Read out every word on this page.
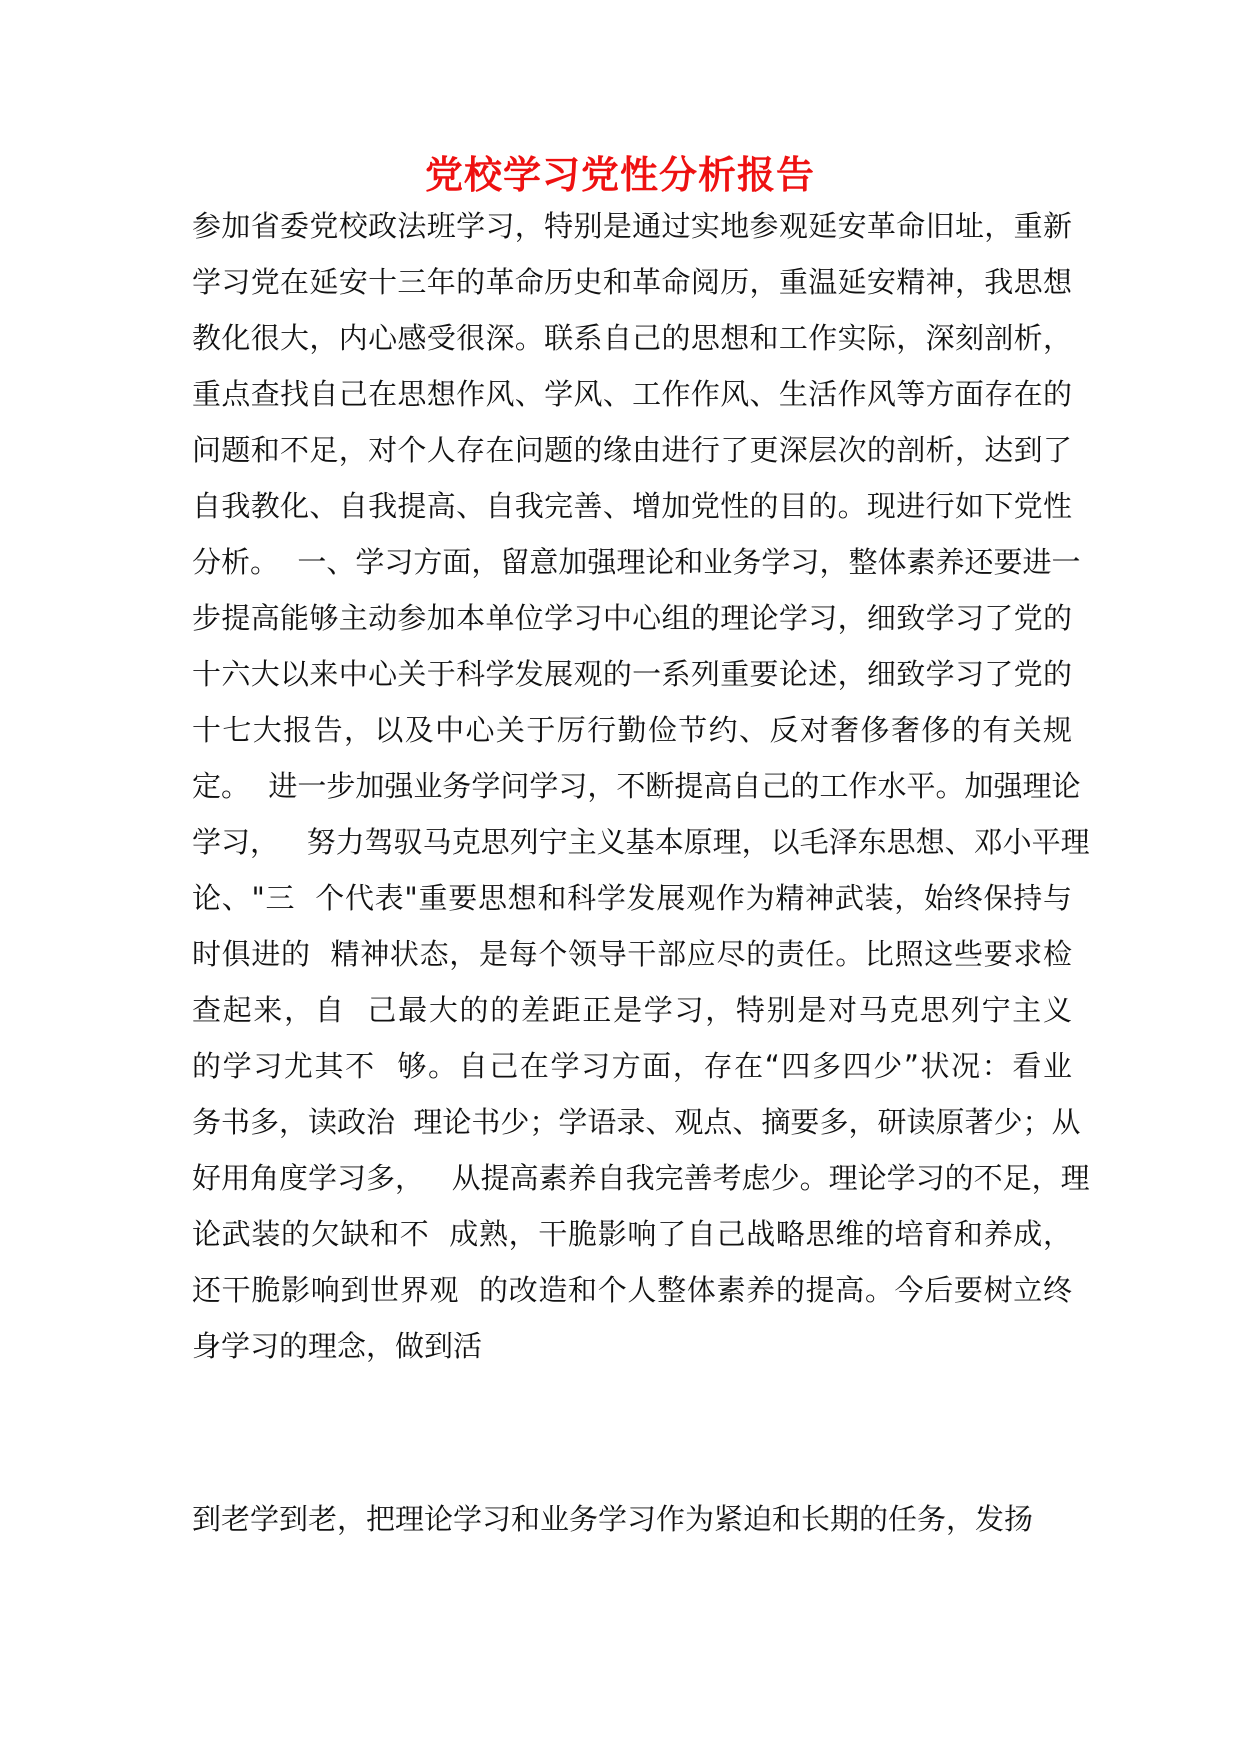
党校学习党性分析报告
参加省委党校政法班学习，特别是通过实地参观延安革命旧址，重新
学习党在延安十三年的革命历史和革命阅历，重温延安精神，我思想
教化很大，内心感受很深。联系自己的思想和工作实际，深刻剖析，
重点查找自己在思想作风、学风、工作作风、生活作风等方面存在的
问题和不足，对个人存在问题的缘由进行了更深层次的剖析，达到了
自我教化、自我提高、自我完善、增加党性的目的。现进行如下党性
分析。  一、学习方面，留意加强理论和业务学习，整体素养还要进一
步提高能够主动参加本单位学习中心组的理论学习，细致学习了党的
十六大以来中心关于科学发展观的一系列重要论述，细致学习了党的
十七大报告，以及中心关于厉行勤俭节约、反对奢侈奢侈的有关规
定。  进一步加强业务学问学习，不断提高自己的工作水平。加强理论
学习，   努力驾驭马克思列宁主义基本原理，以毛泽东思想、邓小平理
论、"三  个代表"重要思想和科学发展观作为精神武装，始终保持与
时俱进的  精神状态，是每个领导干部应尽的责任。比照这些要求检
查起来，自  己最大的的差距正是学习，特别是对马克思列宁主义
的学习尤其不  够。自己在学习方面，存在“四多四少”状况：看业
务书多，读政治  理论书少；学语录、观点、摘要多，研读原著少；从
好用角度学习多，   从提高素养自我完善考虑少。理论学习的不足，理
论武装的欠缺和不  成熟，干脆影响了自己战略思维的培育和养成，
还干脆影响到世界观  的改造和个人整体素养的提高。今后要树立终
身学习的理念，做到活
到老学到老，把理论学习和业务学习作为紧迫和长期的任务，发扬
